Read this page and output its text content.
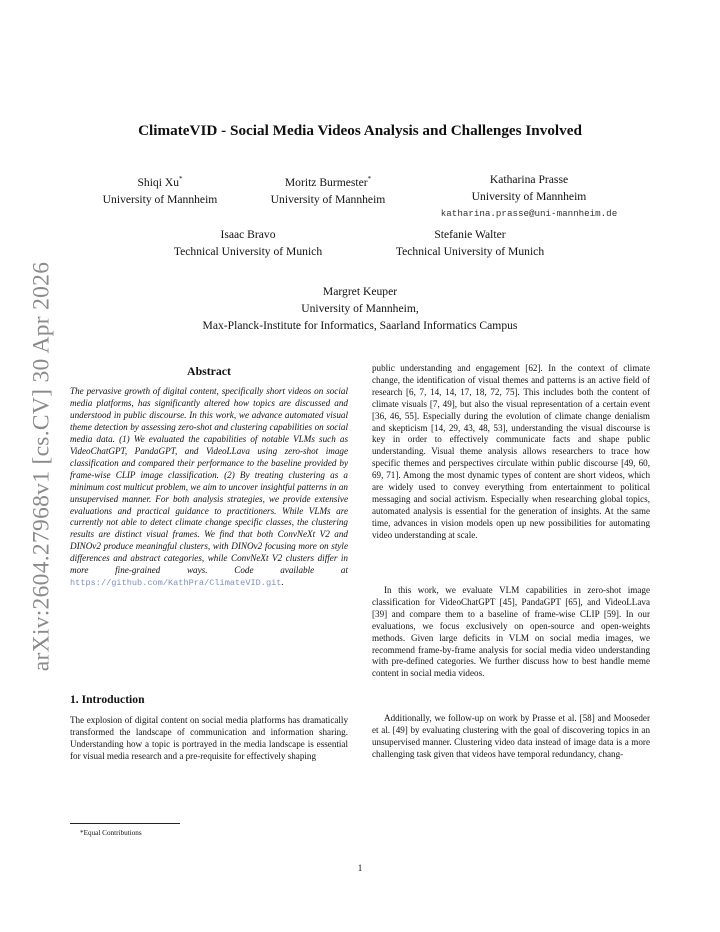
arXiv:2604.27968v1 [cs.CV] 30 Apr 2026
ClimateVID - Social Media Videos Analysis and Challenges Involved
Shiqi Xu*
University of Mannheim
Moritz Burmester*
University of Mannheim
Katharina Prasse
University of Mannheim
katharina.prasse@uni-mannheim.de
Isaac Bravo
Technical University of Munich
Stefanie Walter
Technical University of Munich
Margret Keuper
University of Mannheim,
Max-Planck-Institute for Informatics, Saarland Informatics Campus
Abstract

The pervasive growth of digital content, specifically short videos on social media platforms, has significantly altered how topics are discussed and understood in public discourse. In this work, we advance automated visual theme detection by assessing zero-shot and clustering capabilities on social media data. (1) We evaluated the capabilities of notable VLMs such as VideoChatGPT, PandaGPT, and VideoLLava using zero-shot image classification and compared their performance to the baseline provided by frame-wise CLIP image classification. (2) By treating clustering as a minimum cost multicut problem, we aim to uncover insightful patterns in an unsupervised manner. For both analysis strategies, we provide extensive evaluations and practical guidance to practitioners. While VLMs are currently not able to detect climate change specific classes, the clustering results are distinct visual frames. We find that both ConvNeXt V2 and DINOv2 produce meaningful clusters, with DINOv2 focusing more on style differences and abstract categories, while ConvNeXt V2 clusters differ in more fine-grained ways. Code available at https://github.com/KathPra/ClimateVID.git.

1. Introduction

The explosion of digital content on social media platforms has dramatically transformed the landscape of communication and information sharing. Understanding how a topic is portrayed in the media landscape is essential for visual media research and a pre-requisite for effectively shaping

*Equal Contributions

public understanding and engagement [62]. In the context of climate change, the identification of visual themes and patterns is an active field of research [6, 7, 14, 14, 17, 18, 72, 75]. This includes both the content of climate visuals [7, 49], but also the visual representation of a certain event [36, 46, 55]. Especially during the evolution of climate change denialism and skepticism [14, 29, 43, 48, 53], understanding the visual discourse is key in order to effectively communicate facts and shape public understanding. Visual theme analysis allows researchers to trace how specific themes and perspectives circulate within public discourse [49, 60, 69, 71]. Among the most dynamic types of content are short videos, which are widely used to convey everything from entertainment to political messaging and social activism. Especially when researching global topics, automated analysis is essential for the generation of insights. At the same time, advances in vision models open up new possibilities for automating video understanding at scale.

In this work, we evaluate VLM capabilities in zero-shot image classification for VideoChatGPT [45], PandaGPT [65], and VideoLLava [39] and compare them to a baseline of frame-wise CLIP [59]. In our evaluations, we focus exclusively on open-source and open-weights methods. Given large deficits in VLM on social media images, we recommend frame-by-frame analysis for social media video understanding with pre-defined categories. We further discuss how to best handle meme content in social media videos.

Additionally, we follow-up on work by Prasse et al. [58] and Mooseder et al. [49] by evaluating clustering with the goal of discovering topics in an unsupervised manner. Clustering video data instead of image data is a more challenging task given that videos have temporal redundancy, chang-

1
